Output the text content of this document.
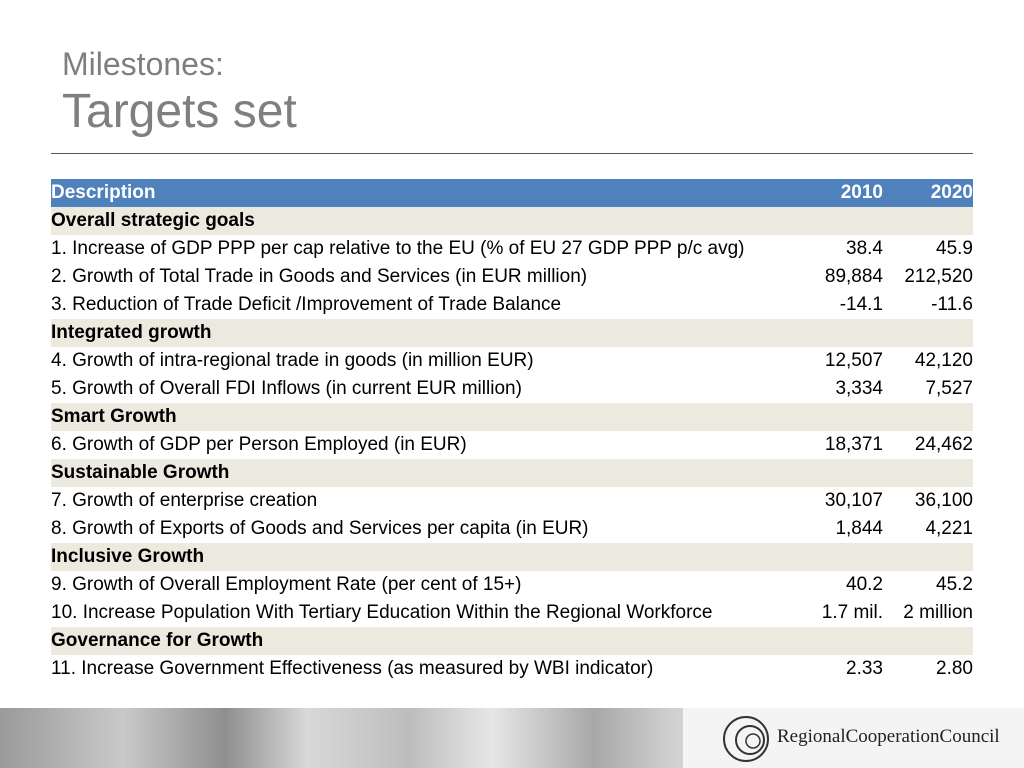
Milestones:
Targets set
Description	2010	2020
Overall strategic goals		
1. Increase of GDP PPP per cap relative to the EU (% of EU 27 GDP PPP p/c avg)	38.4	45.9
2. Growth of Total Trade in Goods and Services (in EUR million)	89,884	212,520
3. Reduction of Trade Deficit /Improvement of Trade Balance	-14.1	-11.6
Integrated growth		
4. Growth of intra-regional trade in goods (in million EUR)	12,507	42,120
5. Growth of Overall FDI Inflows (in current EUR million)	3,334	7,527
Smart Growth		
6. Growth of GDP per Person Employed (in EUR)	18,371	24,462
Sustainable Growth		
7. Growth of enterprise creation	30,107	36,100
8. Growth of Exports of Goods and Services per capita (in EUR)	1,844	4,221
Inclusive Growth		
9. Growth of Overall Employment Rate (per cent of 15+)	40.2	45.2
10. Increase Population With Tertiary Education Within the Regional Workforce	1.7 mil.	2 million
Governance for Growth		
11. Increase Government Effectiveness (as measured by WBI indicator)	2.33	2.80
RegionalCooperationCouncil
